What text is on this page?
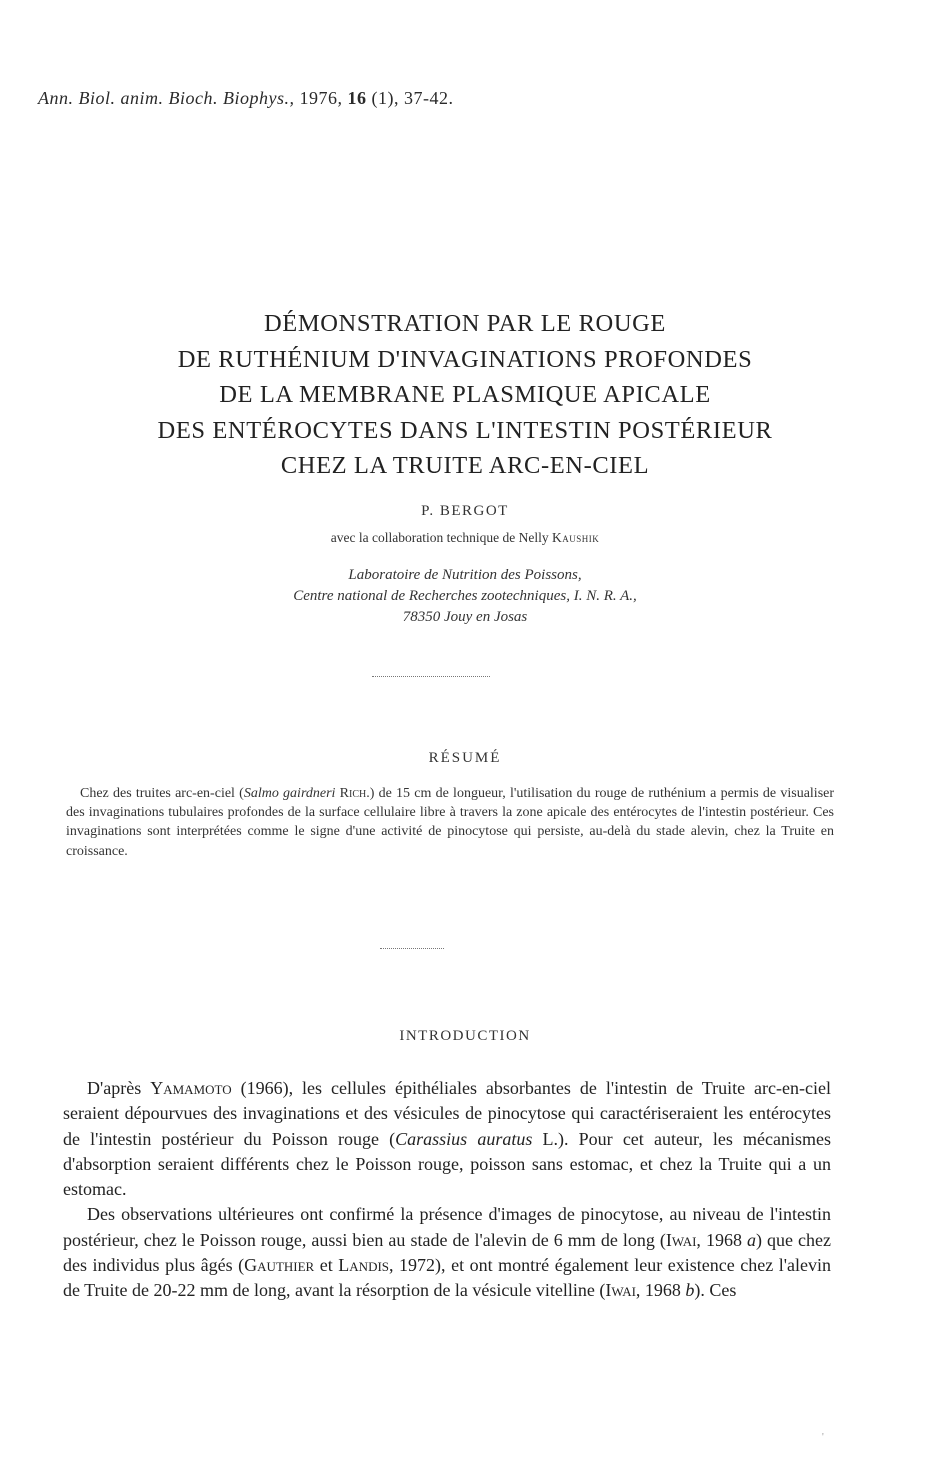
Ann. Biol. anim. Bioch. Biophys., 1976, 16 (1), 37-42.
DÉMONSTRATION PAR LE ROUGE
DE RUTHÉNIUM D'INVAGINATIONS PROFONDES
DE LA MEMBRANE PLASMIQUE APICALE
DES ENTÉROCYTES DANS L'INTESTIN POSTÉRIEUR
CHEZ LA TRUITE ARC-EN-CIEL
P. BERGOT
avec la collaboration technique de Nelly Kaushik
Laboratoire de Nutrition des Poissons,
Centre national de Recherches zootechniques, I. N. R. A.,
78350 Jouy en Josas
RÉSUMÉ
Chez des truites arc-en-ciel (Salmo gairdneri Rich.) de 15 cm de longueur, l'utilisation du rouge de ruthénium a permis de visualiser des invaginations tubulaires profondes de la surface cellulaire libre à travers la zone apicale des entérocytes de l'intestin postérieur. Ces invaginations sont interprétées comme le signe d'une activité de pinocytose qui persiste, au-delà du stade alevin, chez la Truite en croissance.
INTRODUCTION

D'après Yamamoto (1966), les cellules épithéliales absorbantes de l'intestin de Truite arc-en-ciel seraient dépourvues des invaginations et des vésicules de pinocytose qui caractériseraient les entérocytes de l'intestin postérieur du Poisson rouge (Carassius auratus L.). Pour cet auteur, les mécanismes d'absorption seraient différents chez le Poisson rouge, poisson sans estomac, et chez la Truite qui a un estomac.

Des observations ultérieures ont confirmé la présence d'images de pinocytose, au niveau de l'intestin postérieur, chez le Poisson rouge, aussi bien au stade de l'alevin de 6 mm de long (Iwai, 1968 a) que chez des individus plus âgés (Gauthier et Landis, 1972), et ont montré également leur existence chez l'alevin de Truite de 20-22 mm de long, avant la résorption de la vésicule vitelline (Iwai, 1968 b). Ces

'
